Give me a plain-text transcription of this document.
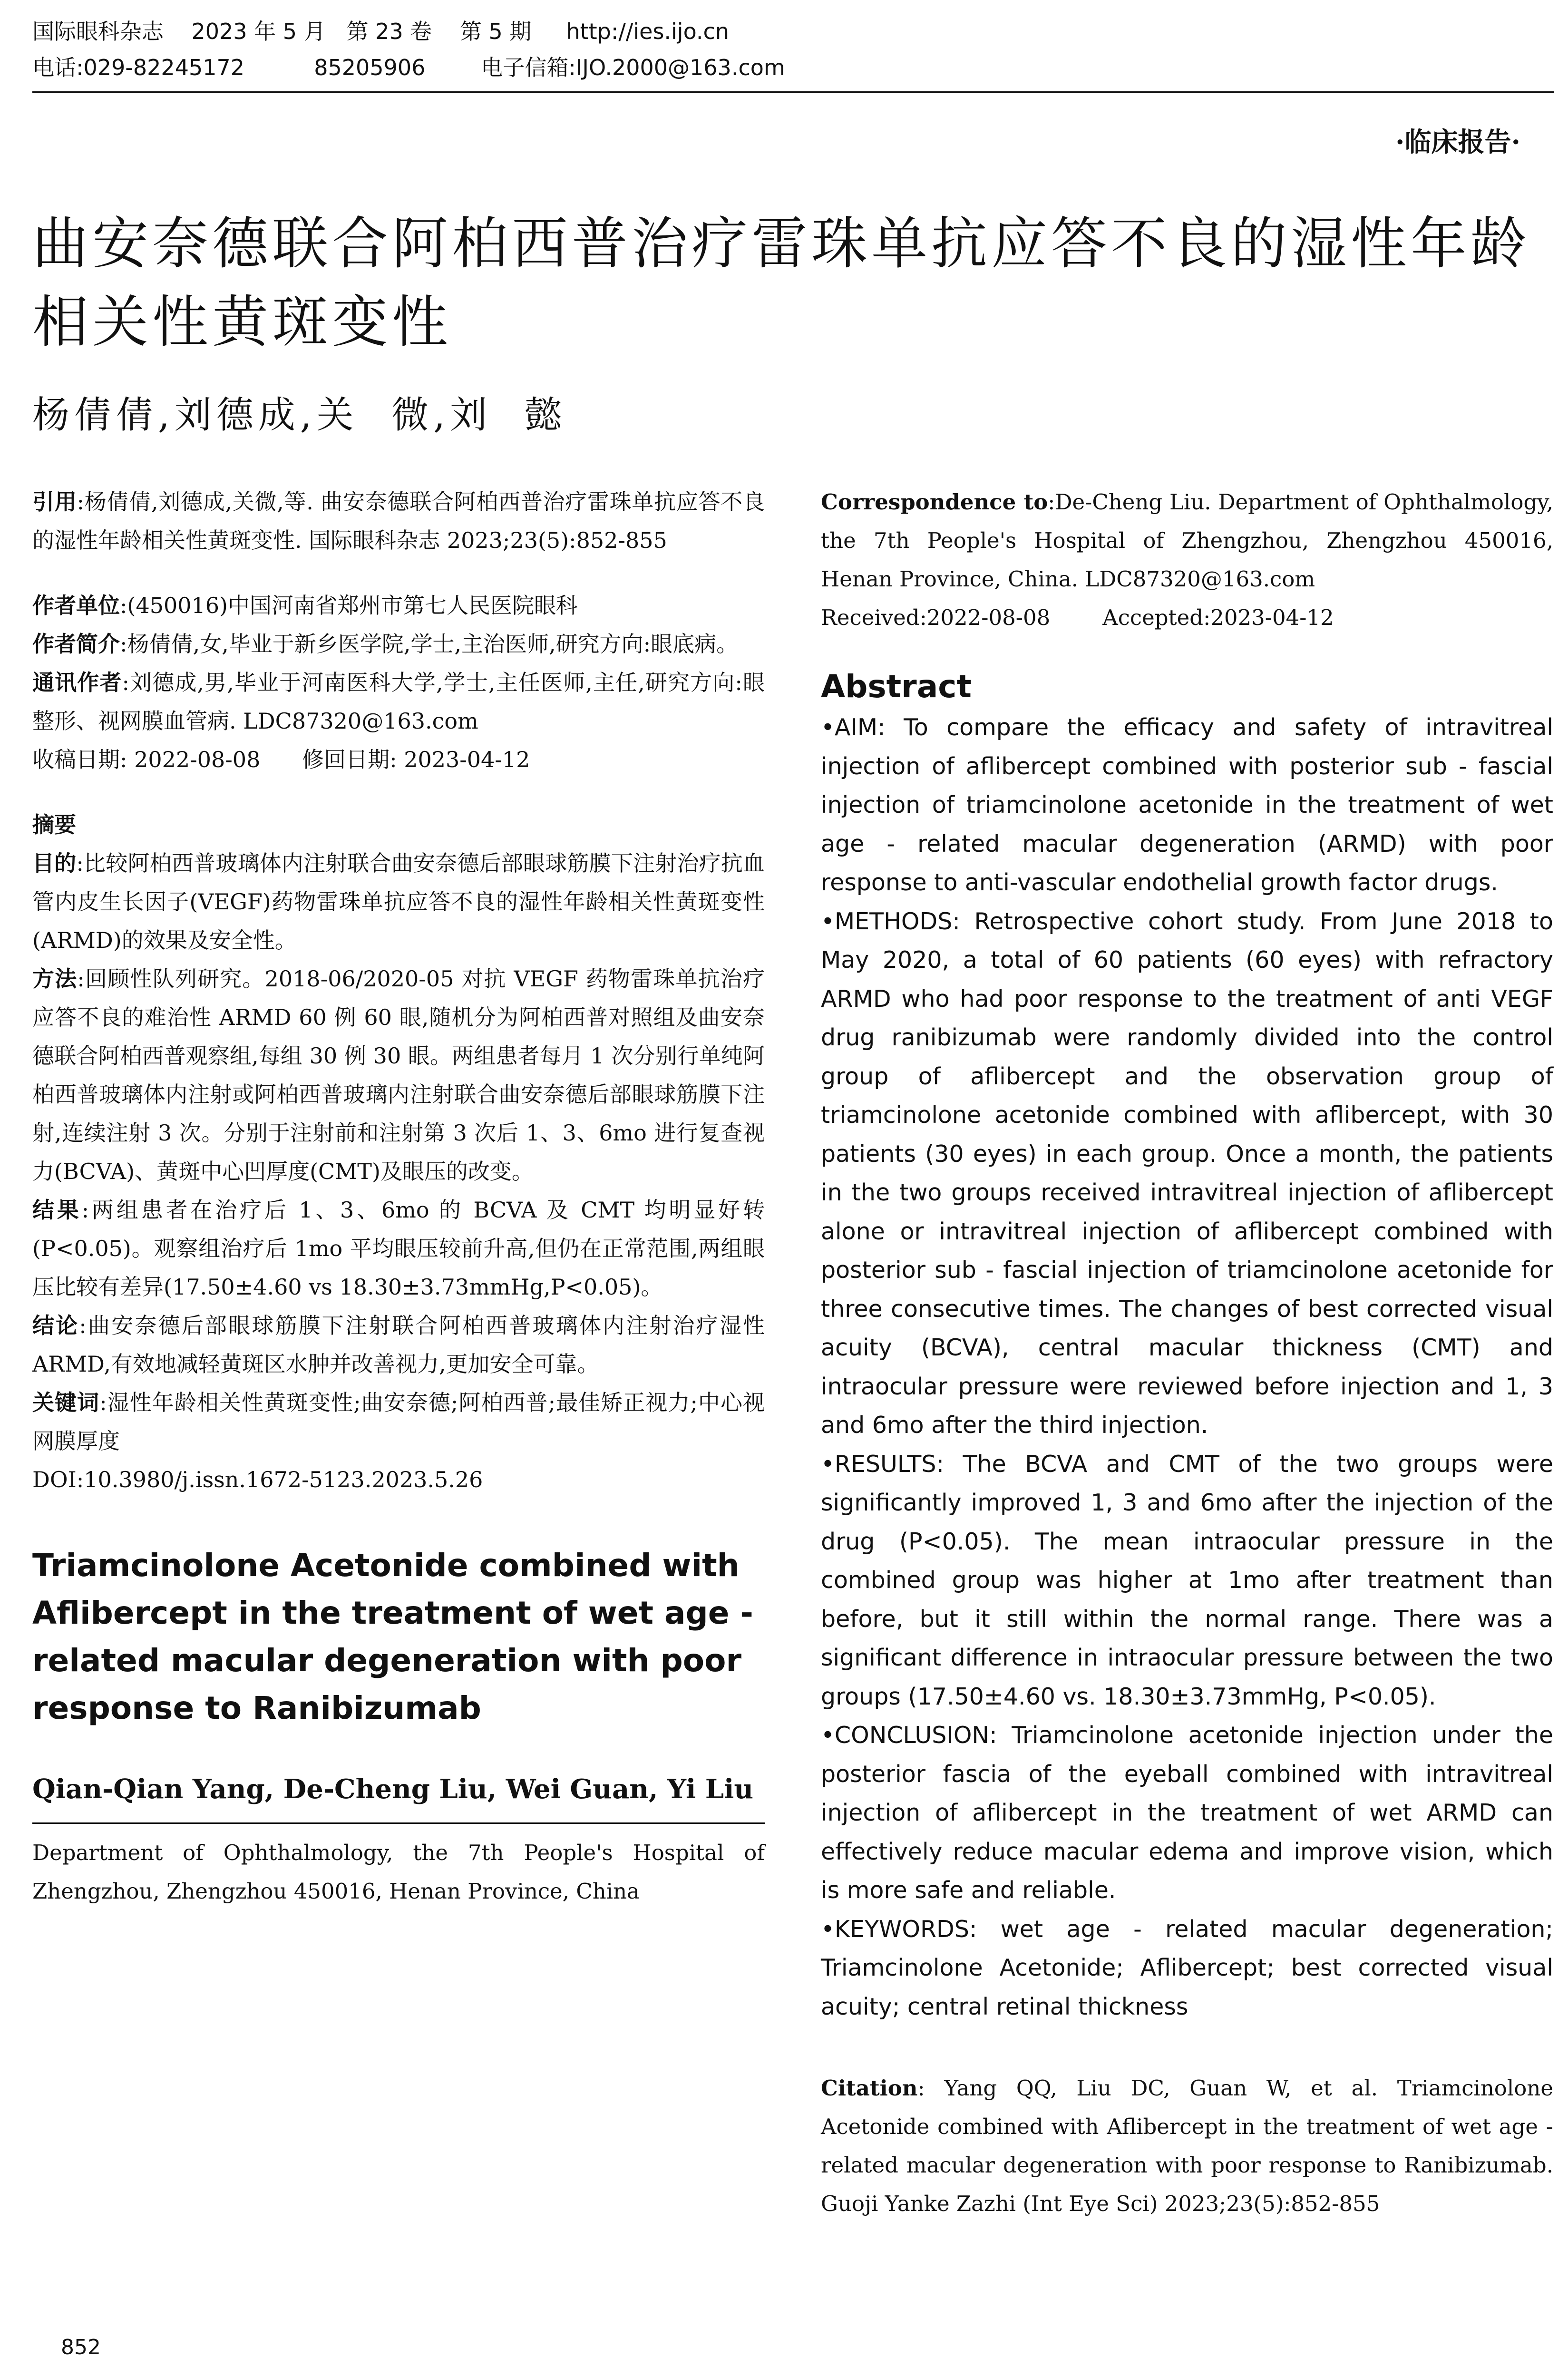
国际眼科杂志    2023 年 5 月   第 23 卷    第 5 期     http://ies.ijo.cn
电话:029-82245172          85205906        电子信箱:IJO.2000@163.com
·临床报告·
曲安奈德联合阿柏西普治疗雷珠单抗应答不良的湿性年龄相关性黄斑变性
杨倩倩,刘德成,关  微,刘  懿

引用:杨倩倩,刘德成,关微,等. 曲安奈德联合阿柏西普治疗雷珠单抗应答不良的湿性年龄相关性黄斑变性. 国际眼科杂志 2023;23(5):852-855

作者单位:(450016)中国河南省郑州市第七人民医院眼科

作者简介:杨倩倩,女,毕业于新乡医学院,学士,主治医师,研究方向:眼底病。

通讯作者:刘德成,男,毕业于河南医科大学,学士,主任医师,主任,研究方向:眼整形、视网膜血管病. LDC87320@163.com

收稿日期: 2022-08-08      修回日期: 2023-04-12

摘要

目的:比较阿柏西普玻璃体内注射联合曲安奈德后部眼球筋膜下注射治疗抗血管内皮生长因子(VEGF)药物雷珠单抗应答不良的湿性年龄相关性黄斑变性(ARMD)的效果及安全性。

方法:回顾性队列研究。2018-06/2020-05 对抗 VEGF 药物雷珠单抗治疗应答不良的难治性 ARMD 60 例 60 眼,随机分为阿柏西普对照组及曲安奈德联合阿柏西普观察组,每组 30 例 30 眼。两组患者每月 1 次分别行单纯阿柏西普玻璃体内注射或阿柏西普玻璃内注射联合曲安奈德后部眼球筋膜下注射,连续注射 3 次。分别于注射前和注射第 3 次后 1、3、6mo 进行复查视力(BCVA)、黄斑中心凹厚度(CMT)及眼压的改变。

结果:两组患者在治疗后 1、3、6mo 的 BCVA 及 CMT 均明显好转(P<0.05)。观察组治疗后 1mo 平均眼压较前升高,但仍在正常范围,两组眼压比较有差异(17.50±4.60 vs 18.30±3.73mmHg,P<0.05)。

结论:曲安奈德后部眼球筋膜下注射联合阿柏西普玻璃体内注射治疗湿性 ARMD,有效地减轻黄斑区水肿并改善视力,更加安全可靠。

关键词:湿性年龄相关性黄斑变性;曲安奈德;阿柏西普;最佳矫正视力;中心视网膜厚度

DOI:10.3980/j.issn.1672-5123.2023.5.26

Triamcinolone Acetonide combined with Aflibercept in the treatment of wet age - related macular degeneration with poor response to Ranibizumab

Qian-Qian Yang, De-Cheng Liu, Wei Guan, Yi Liu

Department of Ophthalmology, the 7th People's Hospital of Zhengzhou, Zhengzhou 450016, Henan Province, China

Correspondence to:De-Cheng Liu. Department of Ophthalmology, the 7th People's Hospital of Zhengzhou, Zhengzhou 450016, Henan Province, China. LDC87320@163.com

Received:2022-08-08 Accepted:2023-04-12

Abstract

• AIM: To compare the efficacy and safety of intravitreal injection of aflibercept combined with posterior sub - fascial injection of triamcinolone acetonide in the treatment of wet age - related macular degeneration (ARMD) with poor response to anti-vascular endothelial growth factor drugs.

• METHODS: Retrospective cohort study. From June 2018 to May 2020, a total of 60 patients (60 eyes) with refractory ARMD who had poor response to the treatment of anti VEGF drug ranibizumab were randomly divided into the control group of aflibercept and the observation group of triamcinolone acetonide combined with aflibercept, with 30 patients (30 eyes) in each group. Once a month, the patients in the two groups received intravitreal injection of aflibercept alone or intravitreal injection of aflibercept combined with posterior sub - fascial injection of triamcinolone acetonide for three consecutive times. The changes of best corrected visual acuity (BCVA), central macular thickness (CMT) and intraocular pressure were reviewed before injection and 1, 3 and 6mo after the third injection.

• RESULTS: The BCVA and CMT of the two groups were significantly improved 1, 3 and 6mo after the injection of the drug (P<0.05). The mean intraocular pressure in the combined group was higher at 1mo after treatment than before, but it still within the normal range. There was a significant difference in intraocular pressure between the two groups (17.50±4.60 vs. 18.30±3.73mmHg, P<0.05).

• CONCLUSION: Triamcinolone acetonide injection under the posterior fascia of the eyeball combined with intravitreal injection of aflibercept in the treatment of wet ARMD can effectively reduce macular edema and improve vision, which is more safe and reliable.

• KEYWORDS: wet age - related macular degeneration; Triamcinolone Acetonide; Aflibercept; best corrected visual acuity; central retinal thickness

Citation: Yang QQ, Liu DC, Guan W, et al. Triamcinolone Acetonide combined with Aflibercept in the treatment of wet age - related macular degeneration with poor response to Ranibizumab. Guoji Yanke Zazhi (Int Eye Sci) 2023;23(5):852-855

852
